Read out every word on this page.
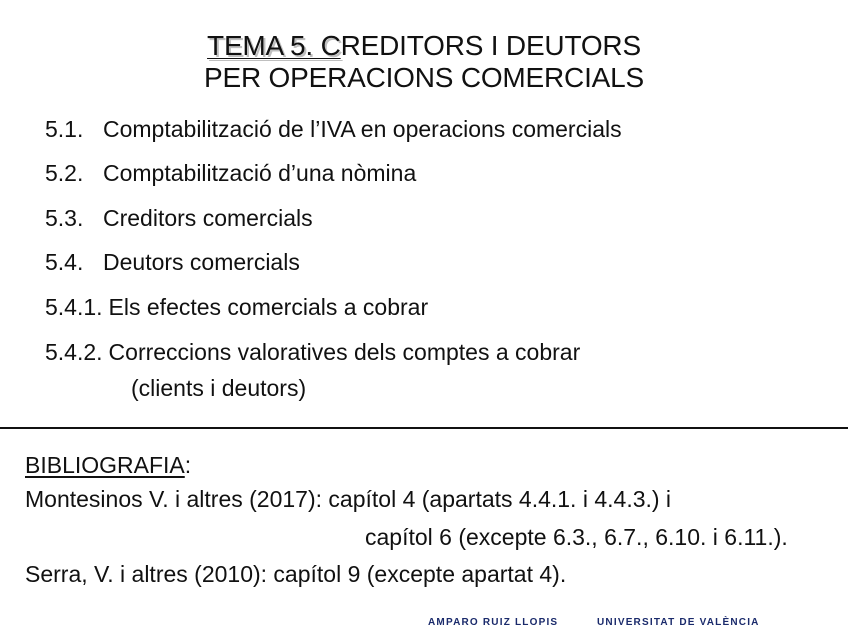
TEMA 5. CREDITORS I DEUTORS
PER OPERACIONS COMERCIALS
5.1. Comptabilització de l’IVA en operacions comercials
5.2. Comptabilització d’una nòmina
5.3. Creditors comercials
5.4. Deutors comercials
5.4.1. Els efectes comercials a cobrar
5.4.2. Correccions valoratives dels comptes a cobrar
(clients i deutors)
BIBLIOGRAFIA:
Montesinos V. i altres (2017): capítol 4 (apartats 4.4.1. i 4.4.3.) i
capítol 6 (excepte 6.3., 6.7., 6.10. i 6.11.).
Serra, V. i altres (2010): capítol 9 (excepte apartat 4).
AMPARO RUIZ LLOPIS	UNIVERSITAT DE VALÈNCIA
